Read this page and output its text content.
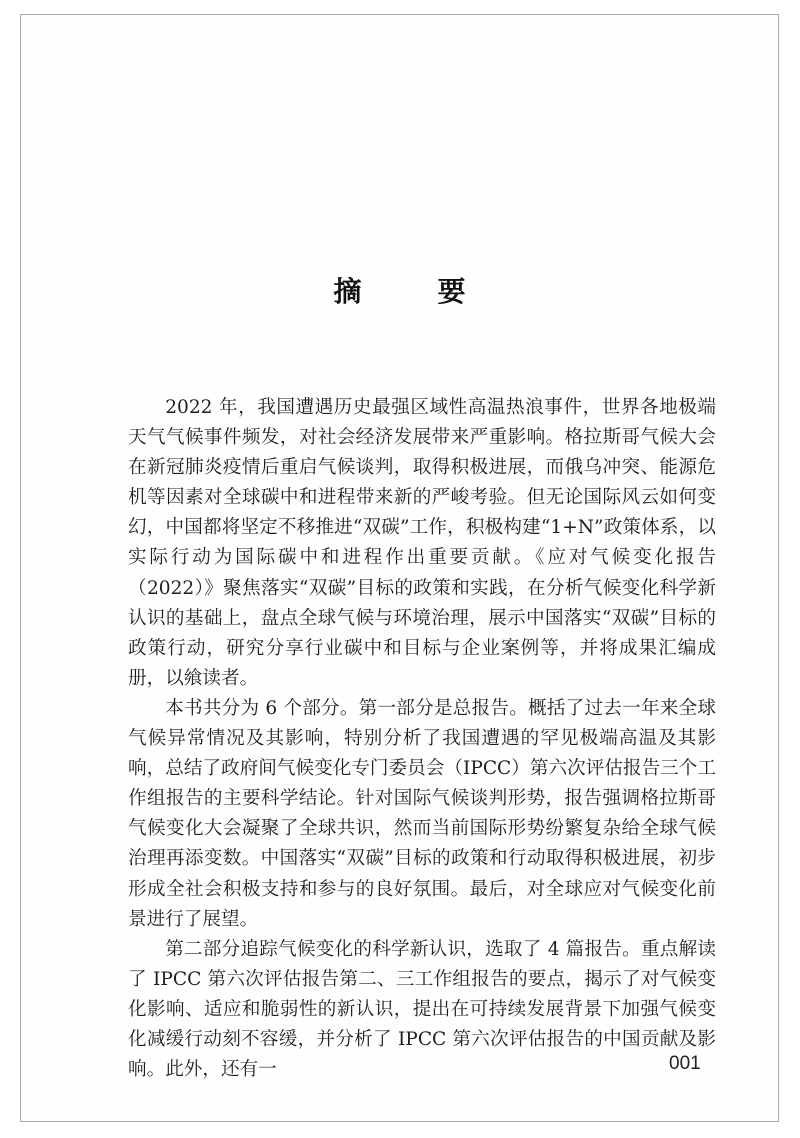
摘　要

2022 年，我国遭遇历史最强区域性高温热浪事件，世界各地极端天气气候事件频发，对社会经济发展带来严重影响。格拉斯哥气候大会在新冠肺炎疫情后重启气候谈判，取得积极进展，而俄乌冲突、能源危机等因素对全球碳中和进程带来新的严峻考验。但无论国际风云如何变幻，中国都将坚定不移推进“双碳”工作，积极构建“1+N”政策体系，以实际行动为国际碳中和进程作出重要贡献。《应对气候变化报告（2022）》聚焦落实“双碳”目标的政策和实践，在分析气候变化科学新认识的基础上，盘点全球气候与环境治理，展示中国落实“双碳”目标的政策行动，研究分享行业碳中和目标与企业案例等，并将成果汇编成册，以飨读者。

本书共分为 6 个部分。第一部分是总报告。概括了过去一年来全球气候异常情况及其影响，特别分析了我国遭遇的罕见极端高温及其影响，总结了政府间气候变化专门委员会（IPCC）第六次评估报告三个工作组报告的主要科学结论。针对国际气候谈判形势，报告强调格拉斯哥气候变化大会凝聚了全球共识，然而当前国际形势纷繁复杂给全球气候治理再添变数。中国落实“双碳”目标的政策和行动取得积极进展，初步形成全社会积极支持和参与的良好氛围。最后，对全球应对气候变化前景进行了展望。

第二部分追踪气候变化的科学新认识，选取了 4 篇报告。重点解读了 IPCC 第六次评估报告第二、三工作组报告的要点，揭示了对气候变化影响、适应和脆弱性的新认识，提出在可持续发展背景下加强气候变化减缓行动刻不容缓，并分析了 IPCC 第六次评估报告的中国贡献及影响。此外，还有一	001
